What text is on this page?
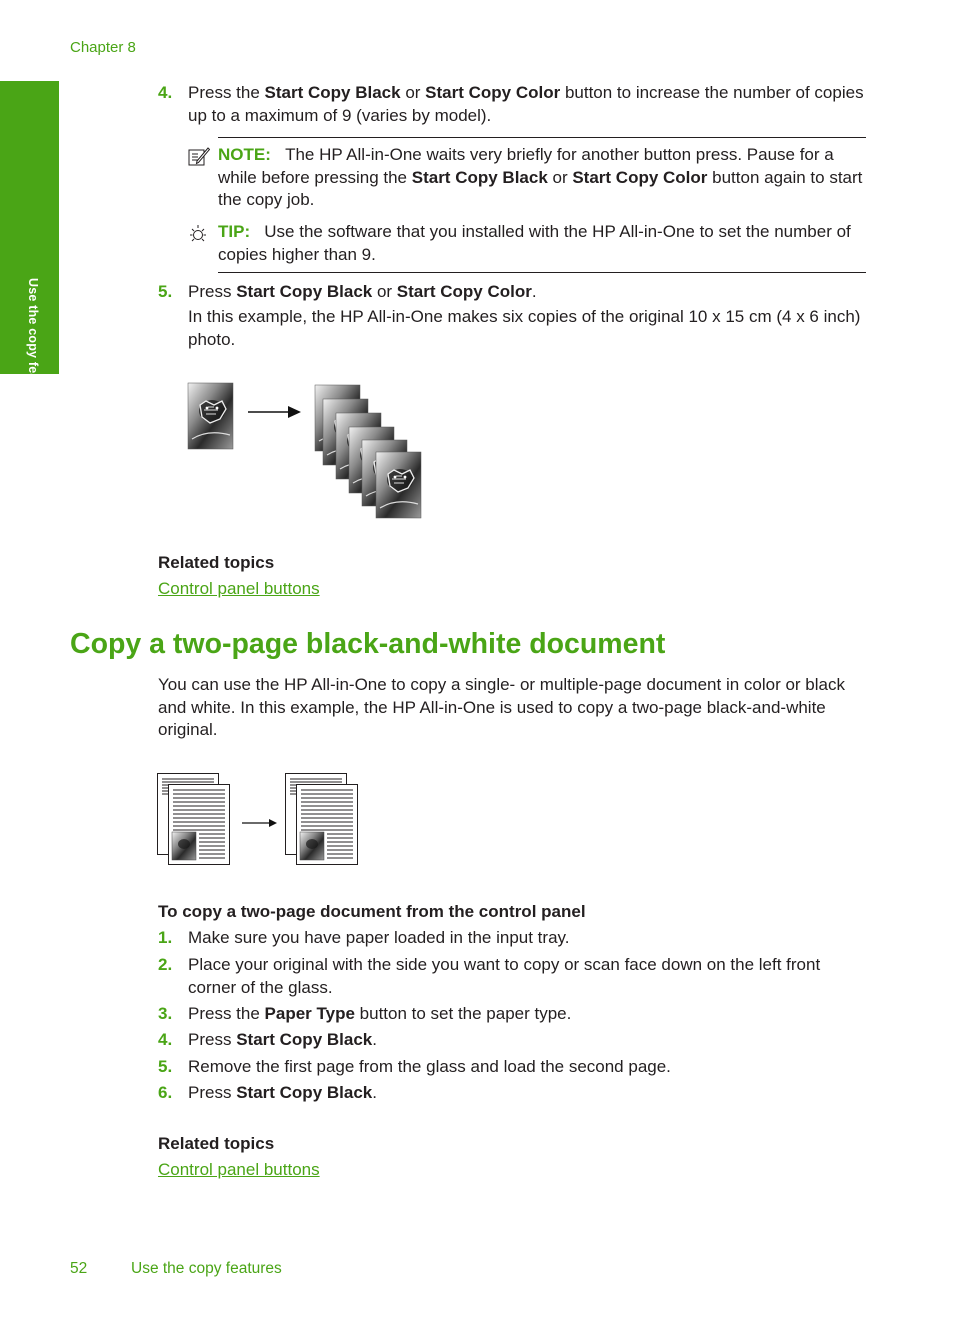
Chapter 8
Use the copy features
4. Press the Start Copy Black or Start Copy Color button to increase the number of copies up to a maximum of 9 (varies by model).
NOTE: The HP All-in-One waits very briefly for another button press. Pause for a while before pressing the Start Copy Black or Start Copy Color button again to start the copy job.
TIP: Use the software that you installed with the HP All-in-One to set the number of copies higher than 9.
5. Press Start Copy Black or Start Copy Color.
In this example, the HP All-in-One makes six copies of the original 10 x 15 cm (4 x 6 inch) photo.
Related topics
Control panel buttons
Copy a two-page black-and-white document
You can use the HP All-in-One to copy a single- or multiple-page document in color or black and white. In this example, the HP All-in-One is used to copy a two-page black-and-white original.
To copy a two-page document from the control panel
1. Make sure you have paper loaded in the input tray.
2. Place your original with the side you want to copy or scan face down on the left front corner of the glass.
3. Press the Paper Type button to set the paper type.
4. Press Start Copy Black.
5. Remove the first page from the glass and load the second page.
6. Press Start Copy Black.
Related topics
Control panel buttons
52	Use the copy features
